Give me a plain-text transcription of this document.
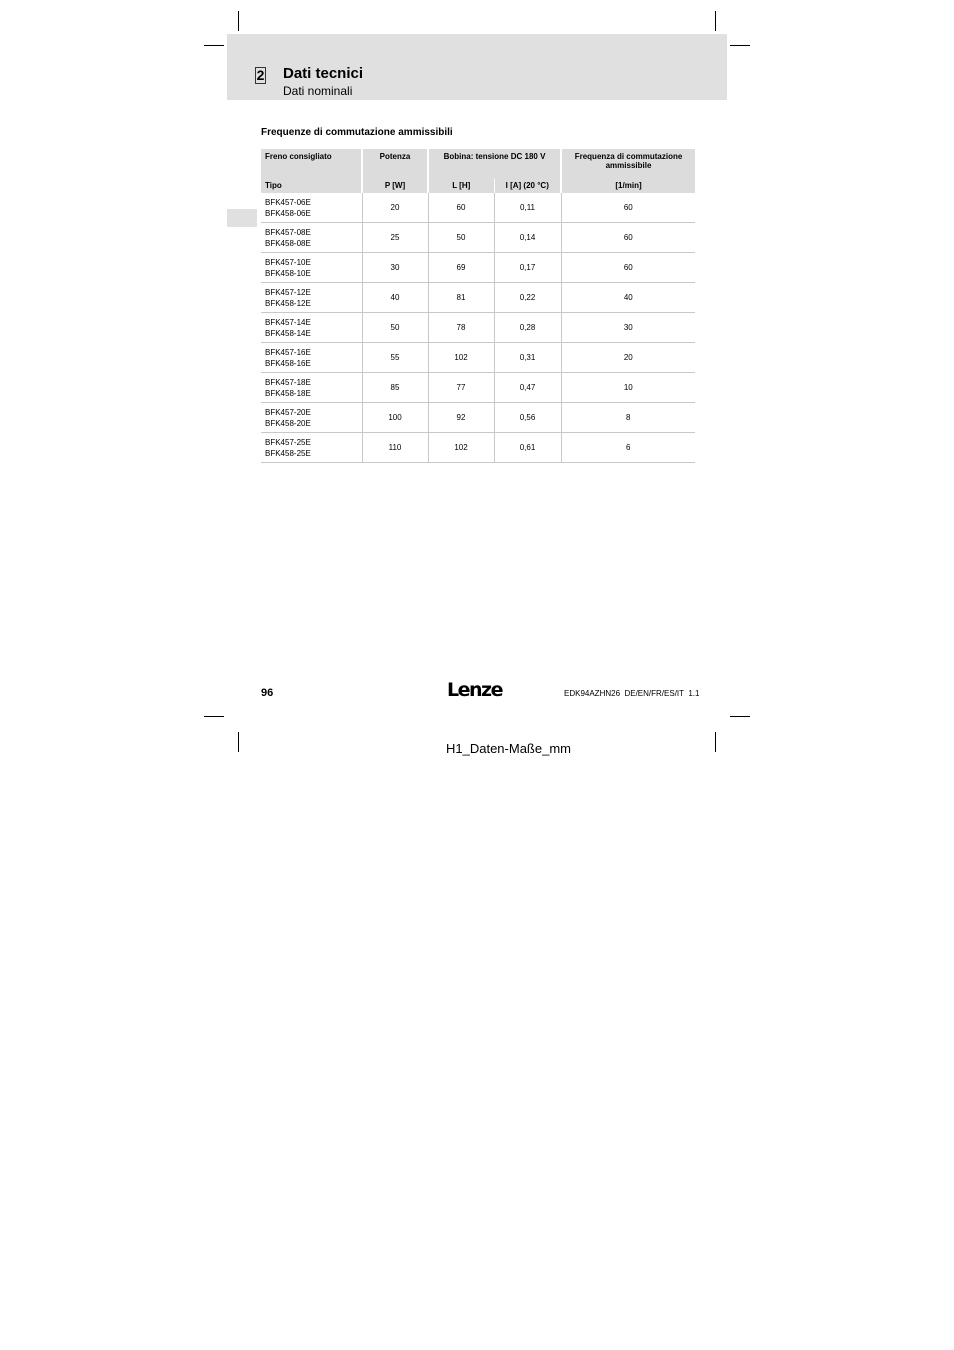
2 Dati tecnici
Dati nominali
Frequenze di commutazione ammissibili
Freno consigliato	Potenza	Bobina: tensione DC 180 V		Frequenza di commutazione ammissibile
Tipo	P [W]	L [H]	I [A] (20 °C)	[1/min]

BFK457-06E
BFK458-06E	20	60	0,11	60

BFK457-08E
BFK458-08E	25	50	0,14	60

BFK457-10E
BFK458-10E	30	69	0,17	60

BFK457-12E
BFK458-12E	40	81	0,22	40

BFK457-14E
BFK458-14E	50	78	0,28	30

BFK457-16E
BFK458-16E	55	102	0,31	20

BFK457-18E
BFK458-18E	85	77	0,47	10

BFK457-20E
BFK458-20E	100	92	0,56	8

BFK457-25E
BFK458-25E	110	102	0,61	6
96	Lenze	EDK94AZHN26  DE/EN/FR/ES/IT  1.1
H1_Daten-Maße_mm
